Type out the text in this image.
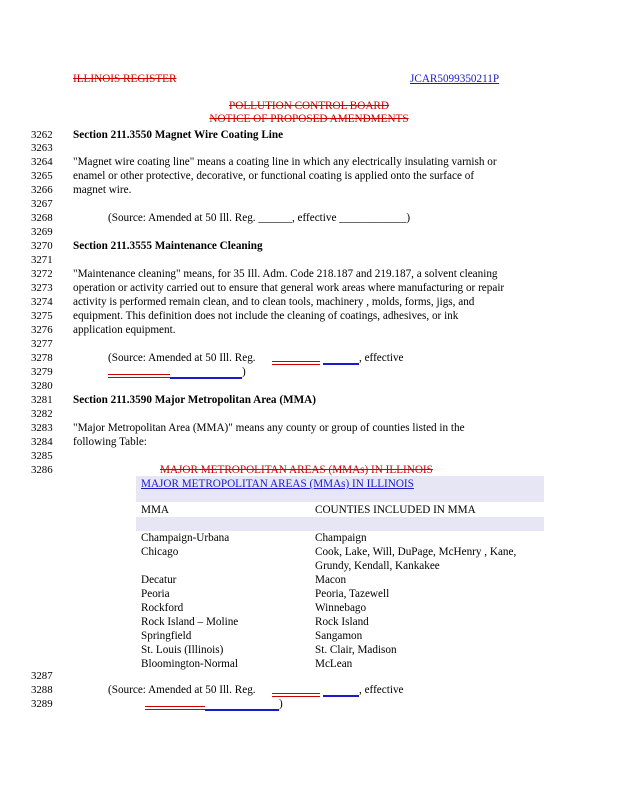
ILLINOIS REGISTER	JCAR5099350211P
POLLUTION CONTROL BOARD
NOTICE OF PROPOSED AMENDMENTS
3262
3263
3264
3265
3266
3267
3268
3269
3270
3271
3272
3273
3274
3275
3276
3277
3278
3279
3280
3281
3282
3283
3284
3285
3286
3287
3288
3289
Section 211.3550 Magnet Wire Coating Line
"Magnet wire coating line" means a coating line in which any electrically insulating varnish or
enamel or other protective, decorative, or functional coating is applied onto the surface of
magnet wire.
(Source: Amended at 50 Ill. Reg. ______, effective ____________)
Section 211.3555 Maintenance Cleaning
"Maintenance cleaning" means, for 35 Ill. Adm. Code 218.187 and 219.187, a solvent cleaning
operation or activity carried out to ensure that general work areas where manufacturing or repair
activity is performed remain clean, and to clean tools, machinery , molds, forms, jigs, and
equipment. This definition does not include the cleaning of coatings, adhesives, or ink
application equipment.
(Source: Amended at 50 Ill. Reg.	, effective
)
Section 211.3590 Major Metropolitan Area (MMA)
"Major Metropolitan Area (MMA)" means any county or group of counties listed in the
following Table:
MAJOR METROPOLITAN AREAS (MMAs) IN ILLINOIS
MAJOR METROPOLITAN AREAS (MMAs) IN ILLINOIS
MMA	COUNTIES INCLUDED IN MMA
Champaign-Urbana	Champaign
Chicago	Cook, Lake, Will, DuPage, McHenry , Kane,
Grundy, Kendall, Kankakee
Decatur	Macon
Peoria	Peoria, Tazewell
Rockford	Winnebago
Rock Island – Moline	Rock Island
Springfield	Sangamon
St. Louis (Illinois)	St. Clair, Madison
Bloomington-Normal	McLean
(Source: Amended at 50 Ill. Reg.	, effective
)
